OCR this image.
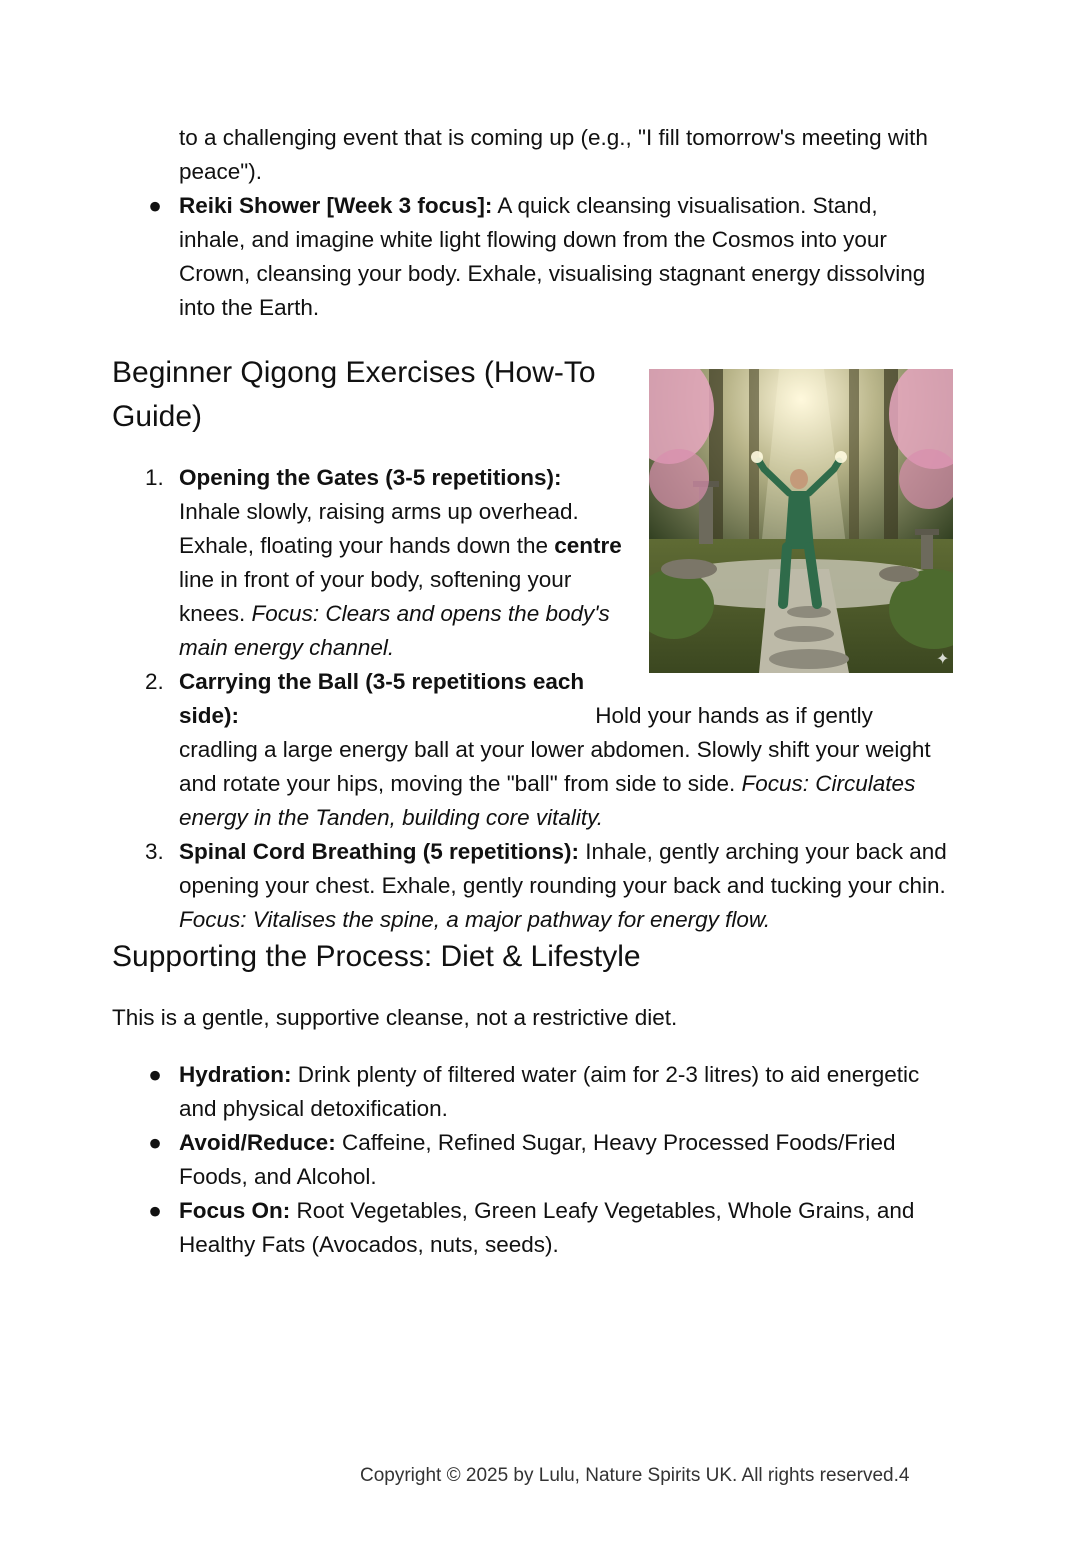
to a challenging event that is coming up (e.g., "I fill tomorrow's meeting with
peace").
● Reiki Shower [Week 3 focus]: A quick cleansing visualisation. Stand, inhale, and imagine white light flowing down from the Cosmos into your Crown, cleansing your body. Exhale, visualising stagnant energy dissolving into the Earth.
Beginner Qigong Exercises (How-To
Guide)
✦
1. Opening the Gates (3-5 repetitions): Inhale slowly, raising arms up overhead. Exhale, floating your hands down the centre line in front of your body, softening your knees. Focus: Clears and opens the body's main energy channel.
2. Carrying the Ball (3-5 repetitions each side):	Hold your hands as if gently cradling a large energy ball at your lower abdomen. Slowly shift your weight and rotate your hips, moving the "ball" from side to side. Focus: Circulates energy in the Tanden, building core vitality.
3. Spinal Cord Breathing (5 repetitions): Inhale, gently arching your back and opening your chest. Exhale, gently rounding your back and tucking your chin. Focus: Vitalises the spine, a major pathway for energy flow.
Supporting the Process: Diet & Lifestyle
This is a gentle, supportive cleanse, not a restrictive diet.
● Hydration: Drink plenty of filtered water (aim for 2-3 litres) to aid energetic and physical detoxification.
● Avoid/Reduce: Caffeine, Refined Sugar, Heavy Processed Foods/Fried Foods, and Alcohol.
● Focus On: Root Vegetables, Green Leafy Vegetables, Whole Grains, and Healthy Fats (Avocados, nuts, seeds).
Copyright © 2025 by Lulu, Nature Spirits UK. All rights reserved.4
